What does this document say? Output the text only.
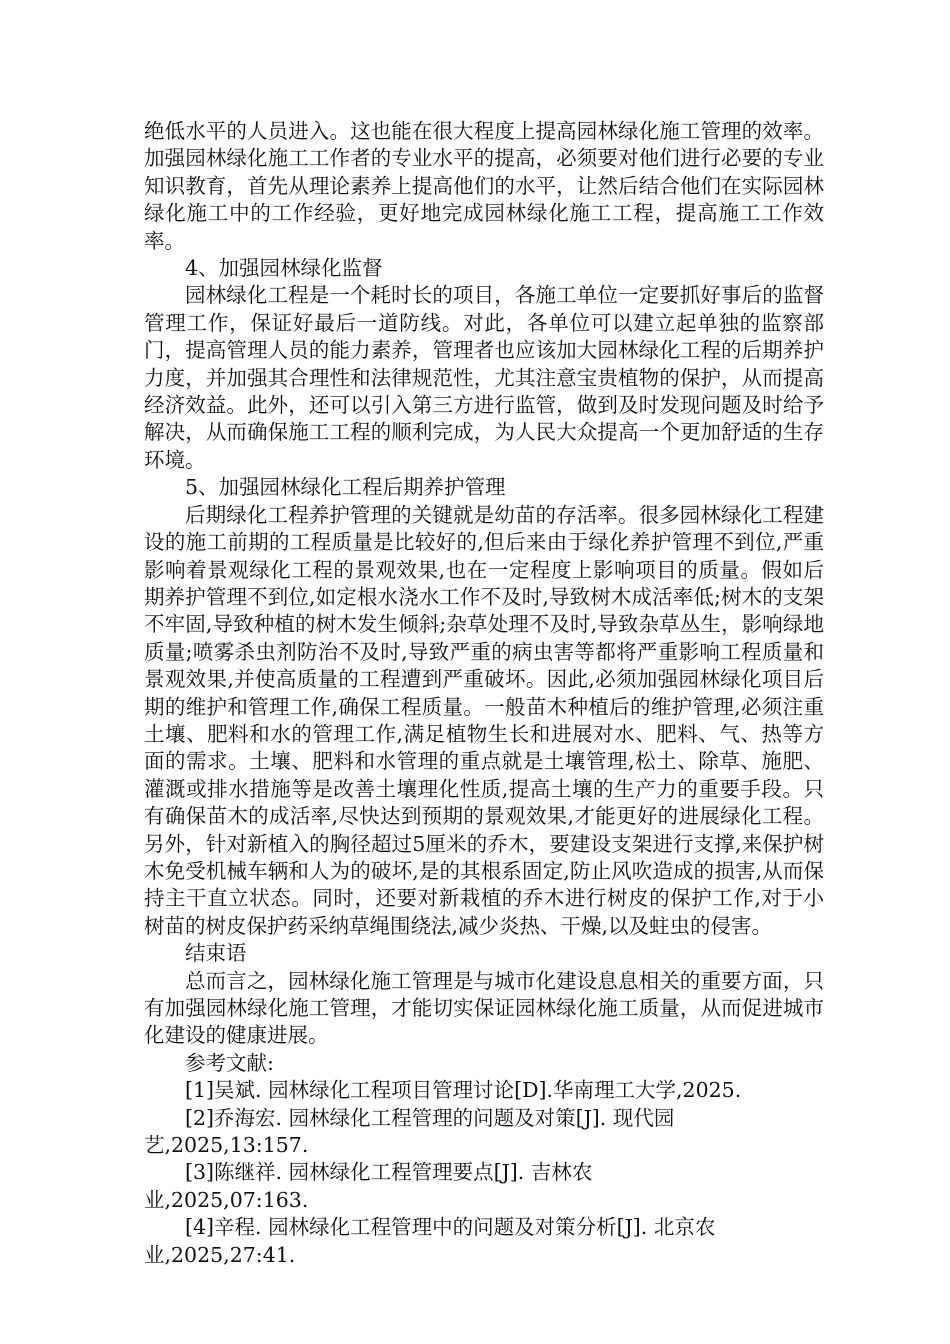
绝低水平的人员进入。这也能在很大程度上提高园林绿化施工管理的效率。加强园林绿化施工工作者的专业水平的提高，必须要对他们进行必要的专业知识教育，首先从理论素养上提高他们的水平，让然后结合他们在实际园林绿化施工中的工作经验，更好地完成园林绿化施工工程，提高施工工作效率。

4、加强园林绿化监督

园林绿化工程是一个耗时长的项目，各施工单位一定要抓好事后的监督管理工作，保证好最后一道防线。对此，各单位可以建立起单独的监察部门，提高管理人员的能力素养，管理者也应该加大园林绿化工程的后期养护力度，并加强其合理性和法律规范性，尤其注意宝贵植物的保护，从而提高经济效益。此外，还可以引入第三方进行监管，做到及时发现问题及时给予解决，从而确保施工工程的顺利完成，为人民大众提高一个更加舒适的生存环境。

5、加强园林绿化工程后期养护管理

后期绿化工程养护管理的关键就是幼苗的存活率。很多园林绿化工程建设的施工前期的工程质量是比较好的,但后来由于绿化养护管理不到位,严重影响着景观绿化工程的景观效果,也在一定程度上影响项目的质量。假如后期养护管理不到位,如定根水浇水工作不及时,导致树木成活率低;树木的支架不牢固,导致种植的树木发生倾斜;杂草处理不及时,导致杂草丛生，影响绿地质量;喷雾杀虫剂防治不及时,导致严重的病虫害等都将严重影响工程质量和景观效果,并使高质量的工程遭到严重破坏。因此,必须加强园林绿化项目后期的维护和管理工作,确保工程质量。一般苗木种植后的维护管理,必须注重土壤、肥料和水的管理工作,满足植物生长和进展对水、肥料、气、热等方面的需求。土壤、肥料和水管理的重点就是土壤管理,松土、除草、施肥、灌溉或排水措施等是改善土壤理化性质,提高土壤的生产力的重要手段。只有确保苗木的成活率,尽快达到预期的景观效果,才能更好的进展绿化工程。另外，针对新植入的胸径超过5厘米的乔木，要建设支架进行支撑,来保护树木免受机械车辆和人为的破坏,是的其根系固定,防止风吹造成的损害,从而保持主干直立状态。同时，还要对新栽植的乔木进行树皮的保护工作,对于小树苗的树皮保护药采纳草绳围绕法,减少炎热、干燥,以及蛀虫的侵害。

结束语

总而言之，园林绿化施工管理是与城市化建设息息相关的重要方面，只有加强园林绿化施工管理，才能切实保证园林绿化施工质量，从而促进城市化建设的健康进展。

参考文献:

[1]吴斌. 园林绿化工程项目管理讨论[D].华南理工大学,2025.

[2]乔海宏. 园林绿化工程管理的问题及对策[J]. 现代园
艺,2025,13:157.

[3]陈继祥. 园林绿化工程管理要点[J]. 吉林农
业,2025,07:163.

[4]辛程. 园林绿化工程管理中的问题及对策分析[J]. 北京农
业,2025,27:41.
